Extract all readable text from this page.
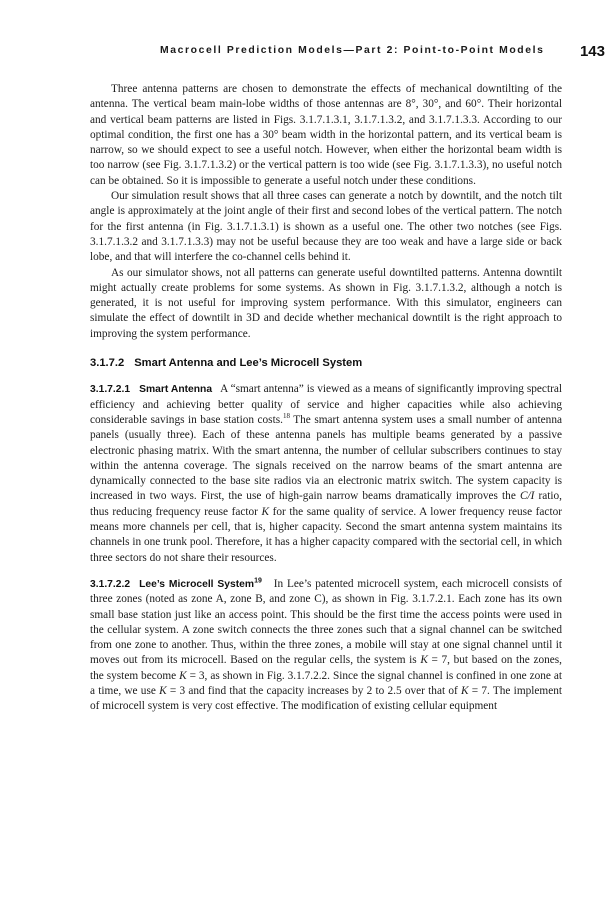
Macrocell Prediction Models—Part 2: Point-to-Point Models 143

Three antenna patterns are chosen to demonstrate the effects of mechanical downtilting of the antenna. The vertical beam main-lobe widths of those antennas are 8°, 30°, and 60°. Their horizontal and vertical beam patterns are listed in Figs. 3.1.7.1.3.1, 3.1.7.1.3.2, and 3.1.7.1.3.3. According to our optimal condition, the first one has a 30° beam width in the horizontal pattern, and its vertical beam is narrow, so we should expect to see a useful notch. However, when either the horizontal beam width is too narrow (see Fig. 3.1.7.1.3.2) or the vertical pattern is too wide (see Fig. 3.1.7.1.3.3), no useful notch can be obtained. So it is impossible to generate a useful notch under these conditions.

Our simulation result shows that all three cases can generate a notch by downtilt, and the notch tilt angle is approximately at the joint angle of their first and second lobes of the vertical pattern. The notch for the first antenna (in Fig. 3.1.7.1.3.1) is shown as a useful one. The other two notches (see Figs. 3.1.7.1.3.2 and 3.1.7.1.3.3) may not be useful because they are too weak and have a large side or back lobe, and that will interfere the co-channel cells behind it.

As our simulator shows, not all patterns can generate useful downtilted patterns. Antenna downtilt might actually create problems for some systems. As shown in Fig. 3.1.7.1.3.2, although a notch is generated, it is not useful for improving system performance. With this simulator, engineers can simulate the effect of downtilt in 3D and decide whether mechanical downtilt is the right approach to improving the system performance.

3.1.7.2 Smart Antenna and Lee’s Microcell System

3.1.7.2.1 Smart Antenna A “smart antenna” is viewed as a means of significantly improving spectral efficiency and achieving better quality of service and higher capacities while also achieving considerable savings in base station costs.$^{18}$ The smart antenna system uses a small number of antenna panels (usually three). Each of these antenna panels has multiple beams generated by a passive electronic phasing matrix. With the smart antenna, the number of cellular subscribers continues to stay within the antenna coverage. The signals received on the narrow beams of the smart antenna are dynamically connected to the base site radios via an electronic matrix switch. The system capacity is increased in two ways. First, the use of high-gain narrow beams dramatically improves the C/I ratio, thus reducing frequency reuse factor K for the same quality of service. A lower frequency reuse factor means more channels per cell, that is, higher capacity. Second the smart antenna system maintains its channels in one trunk pool. Therefore, it has a higher capacity compared with the sectorial cell, in which three sectors do not share their resources.

3.1.7.2.2 Lee’s Microcell System$^{19}$ In Lee’s patented microcell system, each microcell consists of three zones (noted as zone A, zone B, and zone C), as shown in Fig. 3.1.7.2.1. Each zone has its own small base station just like an access point. This should be the first time the access points were used in the cellular system. A zone switch connects the three zones such that a signal channel can be switched from one zone to another. Thus, within the three zones, a mobile will stay at one signal channel until it moves out from its microcell. Based on the regular cells, the system is K = 7, but based on the zones, the system become K = 3, as shown in Fig. 3.1.7.2.2. Since the signal channel is confined in one zone at a time, we use K = 3 and find that the capacity increases by 2 to 2.5 over that of K = 7. The implement of microcell system is very cost effective. The modification of existing cellular equipment
